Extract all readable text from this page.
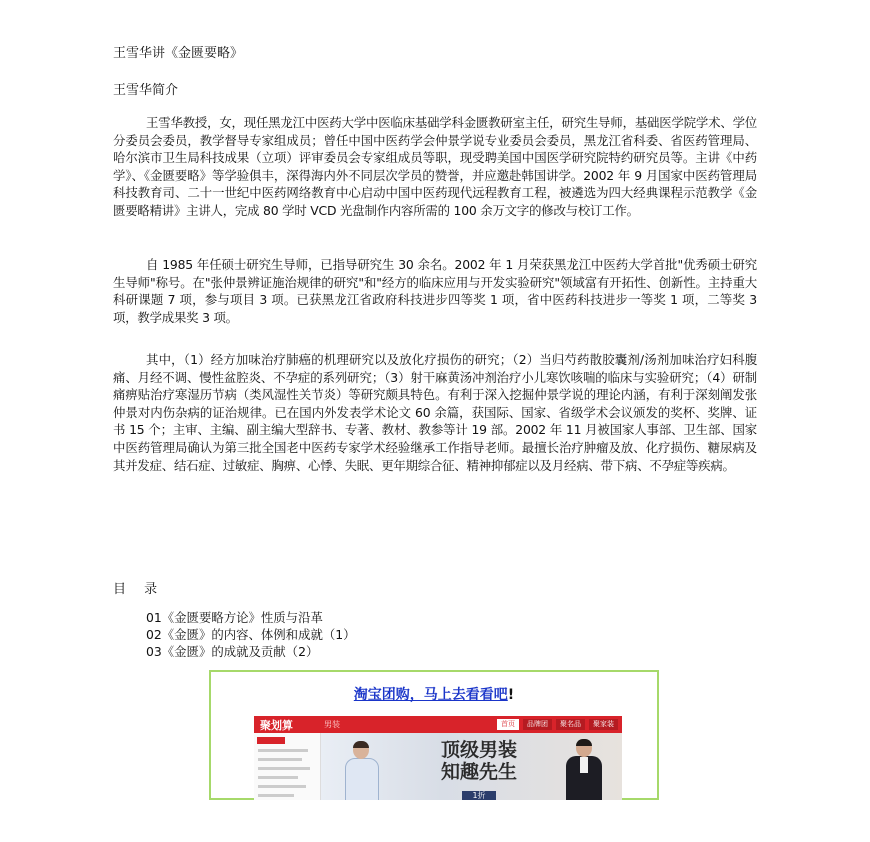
王雪华讲《金匮要略》
王雪华简介

王雪华教授，女，现任黑龙江中医药大学中医临床基础学科金匮教研室主任，研究生导师，基础医学院学术、学位分委员会委员，教学督导专家组成员；曾任中国中医药学会仲景学说专业委员会委员，黑龙江省科委、省医药管理局、哈尔滨市卫生局科技成果（立项）评审委员会专家组成员等职，现受聘美国中国医学研究院特约研究员等。主讲《中药学》、《金匮要略》等学验俱丰，深得海内外不同层次学员的赞誉，并应邀赴韩国讲学。2002 年 9 月国家中医药管理局科技教育司、二十一世纪中医药网络教育中心启动中国中医药现代远程教育工程，被遴选为四大经典课程示范教学《金匮要略精讲》主讲人，完成 80 学时 VCD 光盘制作内容所需的 100 余万文字的修改与校订工作。

自 1985 年任硕士研究生导师，已指导研究生 30 余名。2002 年 1 月荣获黑龙江中医药大学首批"优秀硕士研究生导师"称号。在"张仲景辨证施治规律的研究"和"经方的临床应用与开发实验研究"领域富有开拓性、创新性。主持重大科研课题 7 项，参与项目 3 项。已获黑龙江省政府科技进步四等奖 1 项，省中医药科技进步一等奖 1 项，二等奖 3 项，教学成果奖 3 项。

其中，（1）经方加味治疗肺癌的机理研究以及放化疗损伤的研究；（2）当归芍药散胶囊剂/汤剂加味治疗妇科腹痛、月经不调、慢性盆腔炎、不孕症的系列研究；（3）射干麻黄汤冲剂治疗小儿寒饮咳喘的临床与实验研究；（4）研制痛痹贴治疗寒湿历节病（类风湿性关节炎）等研究颇具特色。有利于深入挖掘仲景学说的理论内涵，有利于深刻阐发张仲景对内伤杂病的证治规律。已在国内外发表学术论文 60 余篇，获国际、国家、省级学术会议颁发的奖杯、奖牌、证书 15 个；主审、主编、副主编大型辞书、专著、教材、教参等计 19 部。2002 年 11 月被国家人事部、卫生部、国家中医药管理局确认为第三批全国老中医药专家学术经验继承工作指导老师。最擅长治疗肿瘤及放、化疗损伤、糖尿病及其并发症、结石症、过敏症、胸痹、心悸、失眠、更年期综合征、精神抑郁症以及月经病、带下病、不孕症等疾病。

目 录
01《金匮要略方论》性质与沿革
02《金匮》的内容、体例和成就（1）
03《金匮》的成就及贡献（2）
淘宝团购，马上去看看吧!
聚划算	男装	首页	品牌团	聚名品	聚家装
顶级男装
知趣先生
1折
